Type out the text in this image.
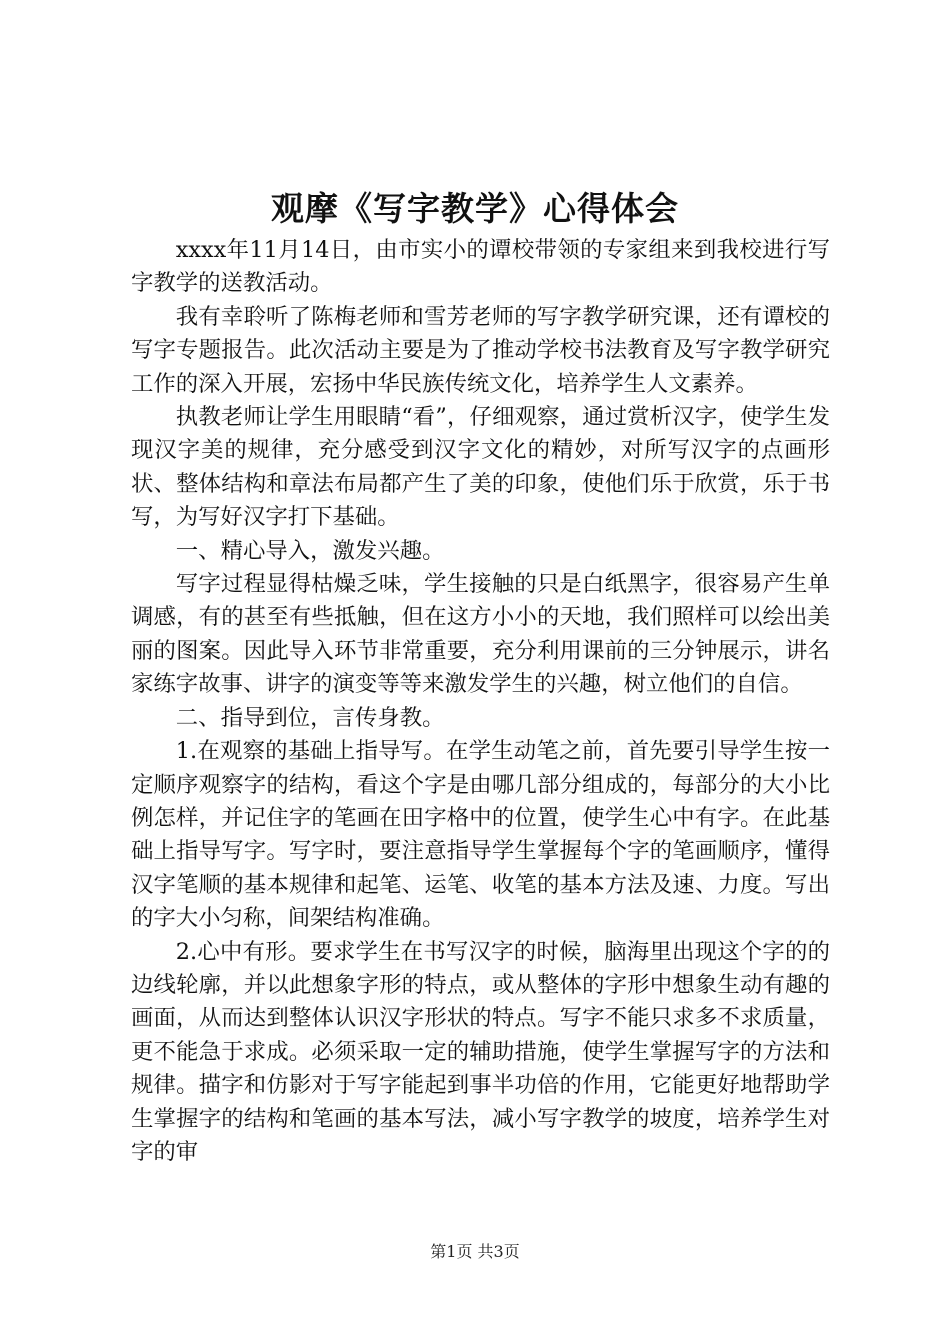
观摩《写字教学》心得体会

xxxx年11月14日，由市实小的谭校带领的专家组来到我校进行写字教学的送教活动。

我有幸聆听了陈梅老师和雪芳老师的写字教学研究课，还有谭校的写字专题报告。此次活动主要是为了推动学校书法教育及写字教学研究工作的深入开展，宏扬中华民族传统文化，培养学生人文素养。

执教老师让学生用眼睛“看”，仔细观察，通过赏析汉字，使学生发现汉字美的规律，充分感受到汉字文化的精妙，对所写汉字的点画形状、整体结构和章法布局都产生了美的印象，使他们乐于欣赏，乐于书写，为写好汉字打下基础。

一、精心导入，激发兴趣。

写字过程显得枯燥乏味，学生接触的只是白纸黑字，很容易产生单调感，有的甚至有些抵触，但在这方小小的天地，我们照样可以绘出美丽的图案。因此导入环节非常重要，充分利用课前的三分钟展示，讲名家练字故事、讲字的演变等等来激发学生的兴趣，树立他们的自信。

二、指导到位，言传身教。

1.在观察的基础上指导写。在学生动笔之前，首先要引导学生按一定顺序观察字的结构，看这个字是由哪几部分组成的，每部分的大小比例怎样，并记住字的笔画在田字格中的位置，使学生心中有字。在此基础上指导写字。写字时，要注意指导学生掌握每个字的笔画顺序，懂得汉字笔顺的基本规律和起笔、运笔、收笔的基本方法及速、力度。写出的字大小匀称，间架结构准确。

2.心中有形。要求学生在书写汉字的时候，脑海里出现这个字的的边线轮廓，并以此想象字形的特点，或从整体的字形中想象生动有趣的画面，从而达到整体认识汉字形状的特点。写字不能只求多不求质量，更不能急于求成。必须采取一定的辅助措施，使学生掌握写字的方法和规律。描字和仿影对于写字能起到事半功倍的作用，它能更好地帮助学生掌握字的结构和笔画的基本写法，减小写字教学的坡度，培养学生对字的审

第1页 共3页
